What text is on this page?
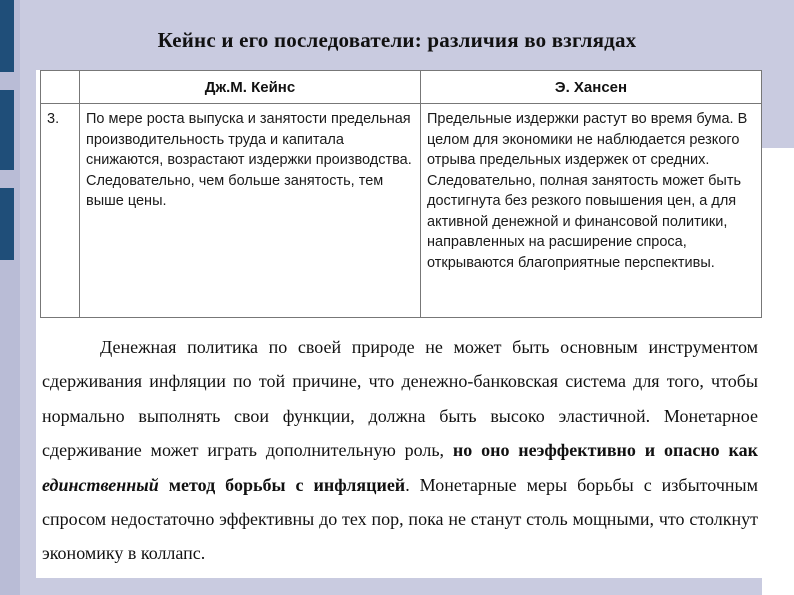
Кейнс и его последователи: различия во взглядах
	Дж.М. Кейнс	Э. Хансен
3.	По мере роста выпуска и занятости предельная производительность труда и капитала снижаются, возрастают издержки производства. Следовательно, чем больше занятость, тем выше цены.	Предельные издержки растут во время бума. В целом для экономики не наблюдается резкого отрыва предельных издержек от средних. Следовательно, полная занятость может быть достигнута без резкого повышения цен, а для активной денежной и финансовой политики, направленных на расширение спроса, открываются благоприятные перспективы.

Денежная политика по своей природе не может быть основным инструментом сдерживания инфляции по той причине, что денежно-банковская система для того, чтобы нормально выполнять свои функции, должна быть высоко эластичной. Монетарное сдерживание может играть дополнительную роль, но оно неэффективно и опасно как единственный метод борьбы с инфляцией. Монетарные меры борьбы с избыточным спросом недостаточно эффективны до тех пор, пока не станут столь мощными, что столкнут экономику в коллапс.
